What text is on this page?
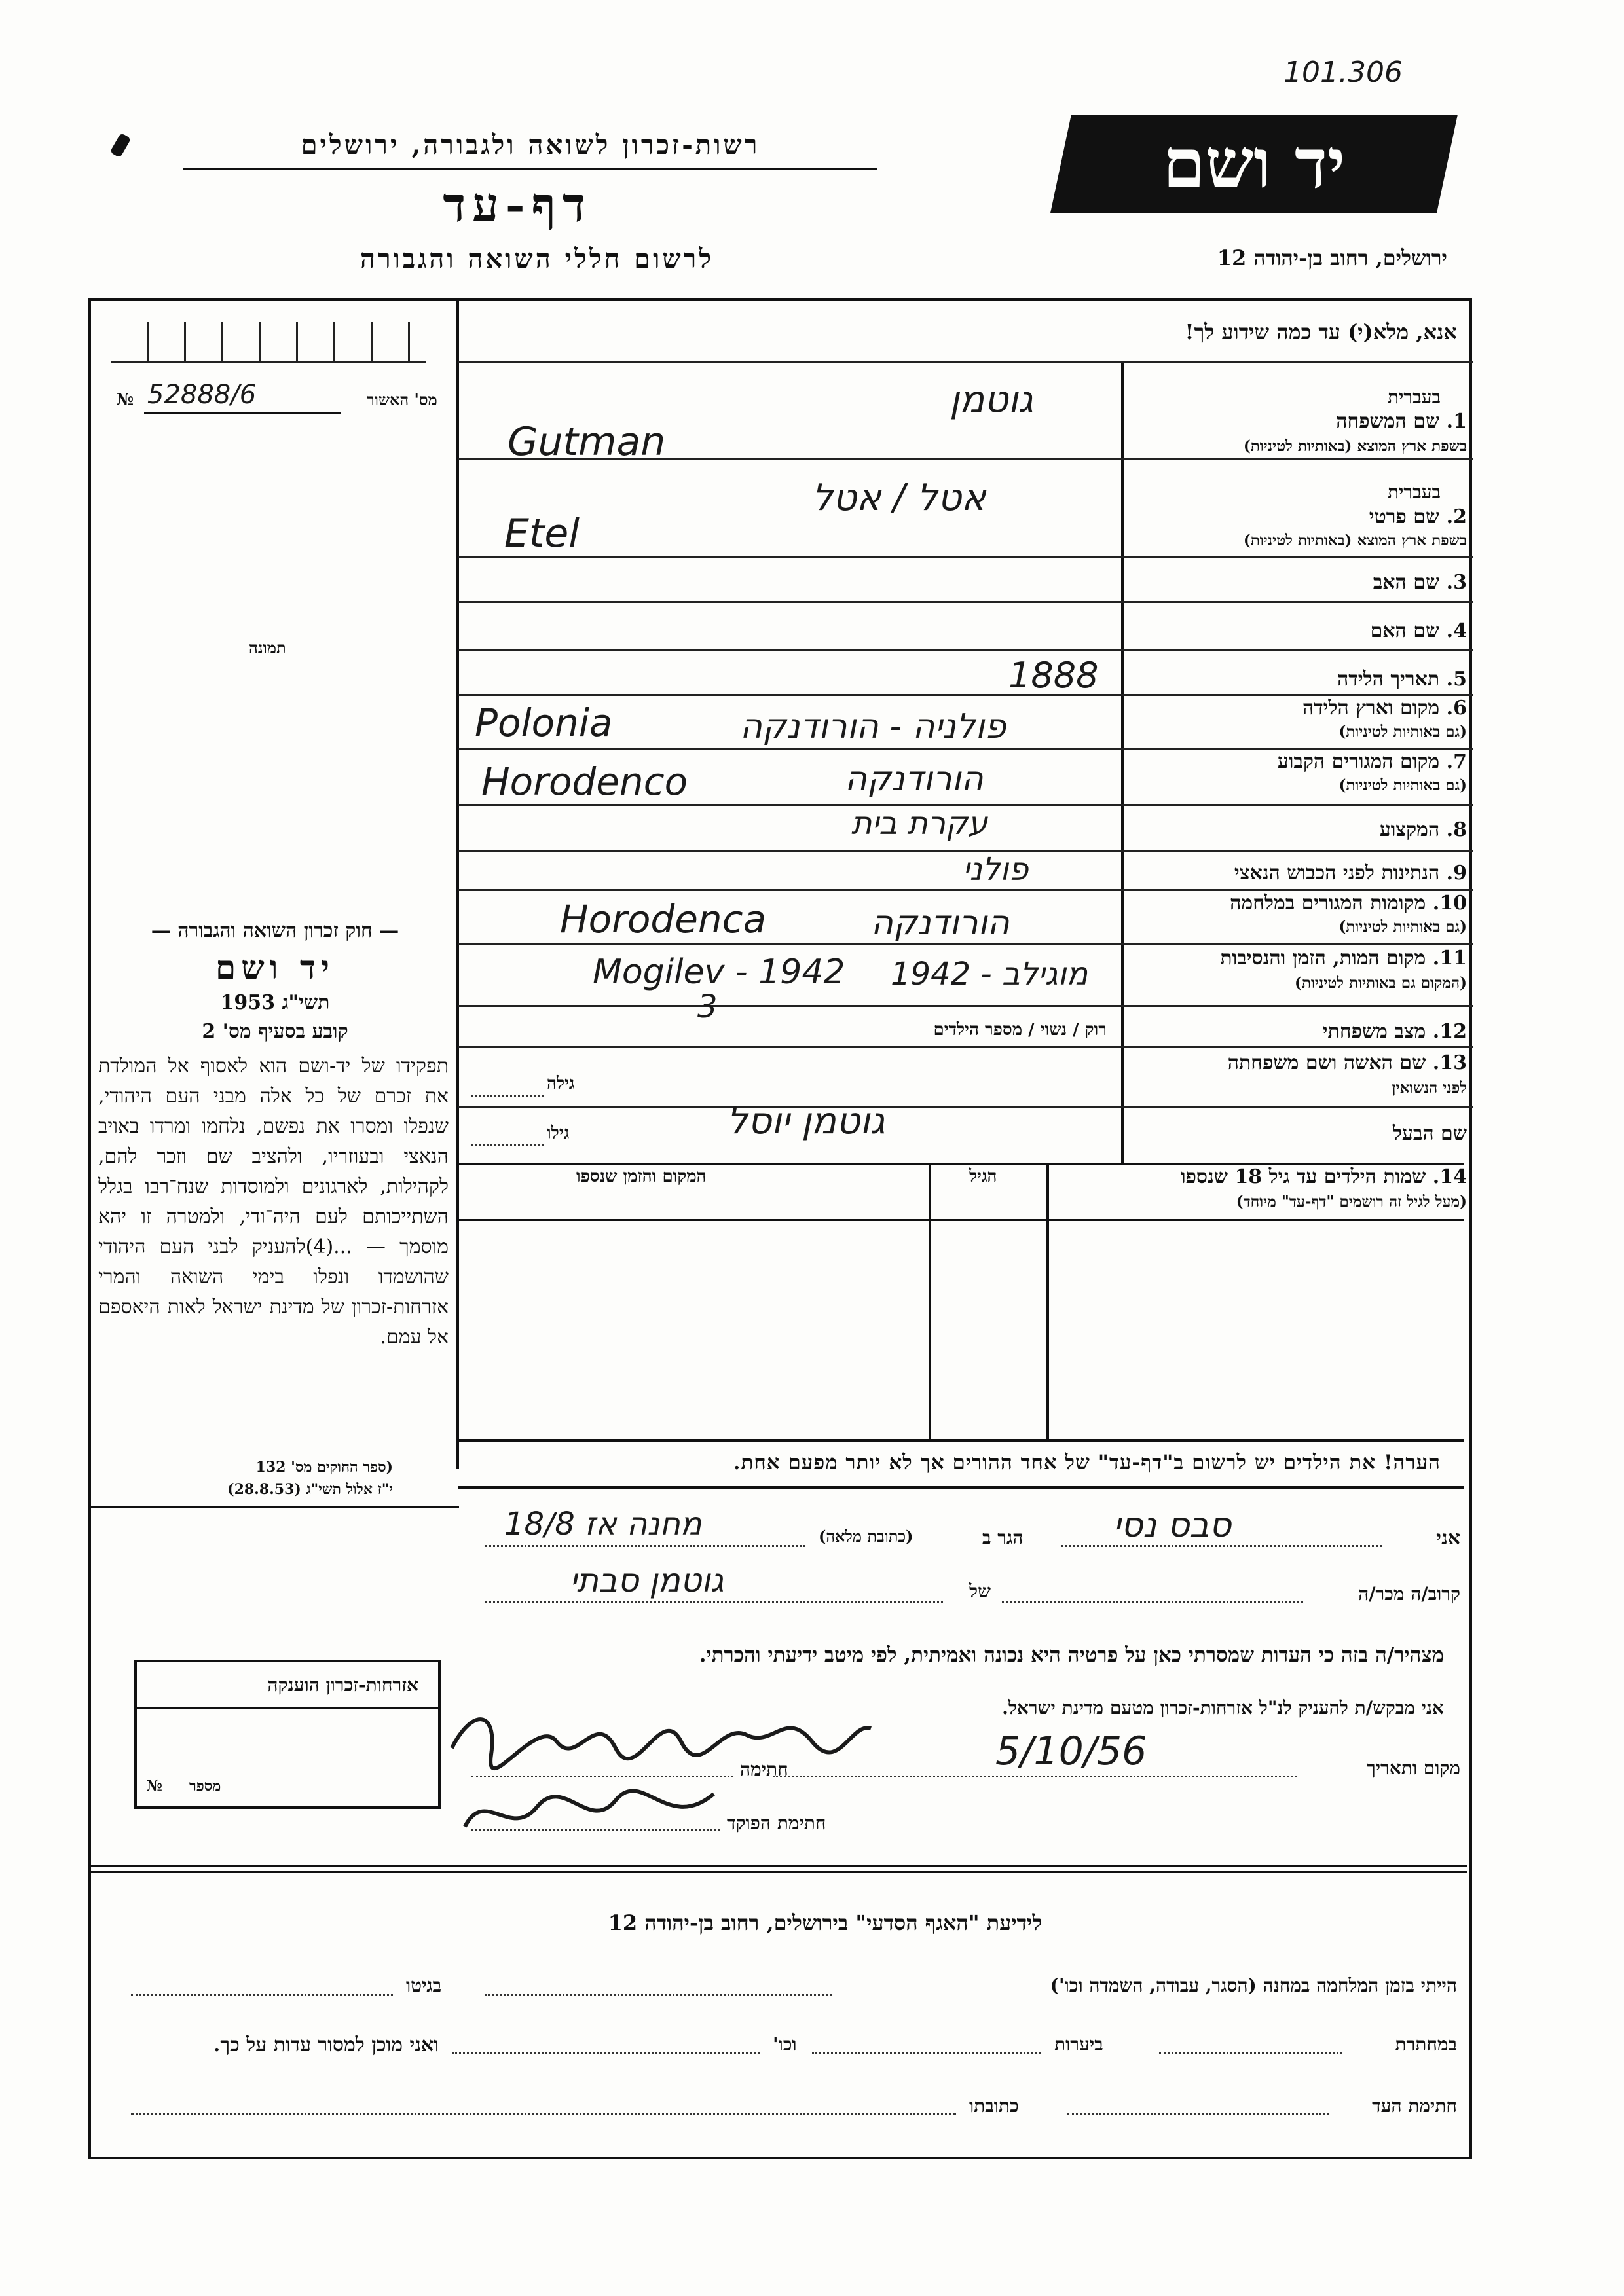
101.306
רשות-זכרון לשואה ולגבורה, ירושלים
דף-עד
לרשום חללי השואה והגבורה
יד ושם
ירושלים, רחוב בן-יהודה 12
אנא, מלא(י) עד כמה שידוע לך!
№ 52888/6	מס' האשור
תמונה
בעברית
1. שם המשפחה
בשפת ארץ המוצא (באותיות לטיניות)
גוטמן
Gutman
בעברית
2. שם פרטי
בשפת ארץ המוצא (באותיות לטיניות)
אטל / אטל
Etel
3. שם האב
4. שם האם
5. תאריך הלידה
1888
6. מקום וארץ הלידה
(גם באותיות לטיניות)
פולניה - הורודנקה
Polonia
7. מקום המגורים הקבוע
(גם באותיות לטיניות)
הורודנקה
Horodenco
8. המקצוע
עקרת בית
9. הנתינות לפני הכבוש הנאצי
פולני
10. מקומות המגורים במלחמה
(גם באותיות לטיניות)
הורודנקה
Horodenca
11. מקום המות, הזמן והנסיבות
(המקום גם באותיות לטיניות)
מוגילב - 1942
Mogilev - 1942
12. מצב משפחתי
רוק / נשוי / מספר הילדים
3
13. שם האשה ושם משפחתה
לפני הנשואין
גילה
שם הבעל
גוטמן יוסל
גילו
14. שמות הילדים עד גיל 18 שנספו
(מעל לגיל זה רושמים "דף-עד" מיוחד)
הגיל
המקום והזמן שנספו
— חוק זכרון השואה והגבורה —
יד ושם
1953 תשי"ג
קובע בסעיף מס' 2
תפקידו של יד-ושם הוא לאסוף אל המולדת את זכרם של כל אלה מבני העם היהודי, שנפלו ומסרו את נפשם, נלחמו ומרדו באויב הנאצי ובעוזריו, ולהציב שם וזכר להם, לקהילות, לארגונים ולמוסדות שנח־רבו בגלל השתייכותם לעם היה־ודי, ולמטרה זו יהא מוסמך — ...(4)להעניק לבני העם היהודי שהושמדו ונפלו בימי השואה והמרי אזרחות-זכרון של מדינת ישראל לאות היאספם אל עמם.
(ספר החוקים מס' 132
י"ז אלול תשי"ג (28.8.53)
הערה! את הילדים יש לרשום ב"דף-עד" של אחד ההורים אך לא יותר מפעם אחת.
אני
סבס נסי
הגר ב
(כתובת מלאה)
מחנה אז 18/8
קרוב/ה מכר/ה
של
גוטמן סבתי
מצהיר/ה בזה כי העדות שמסרתי כאן על פרטיה היא נכונה ואמיתית, לפי מיטב ידיעתי והכרתי.
אני מבקש/ת להעניק לנ"ל אזרחות-זכרון מטעם מדינת ישראל.
מקום ותאריך
5/10/56
חתימה
חתימת הפוקד
אזרחות-זכרון הוענקה
מספר
№
לידיעת "האגף הסדעי" בירושלים, רחוב בן-יהודה 12
הייתי בזמן המלחמה במחנה (הסגר, עבודה, השמדה וכו')
בגיטו
במחתרת
ביערות
וכו'
ואני מוכן למסור עדות על כך.
חתימת העד
כתובתו
